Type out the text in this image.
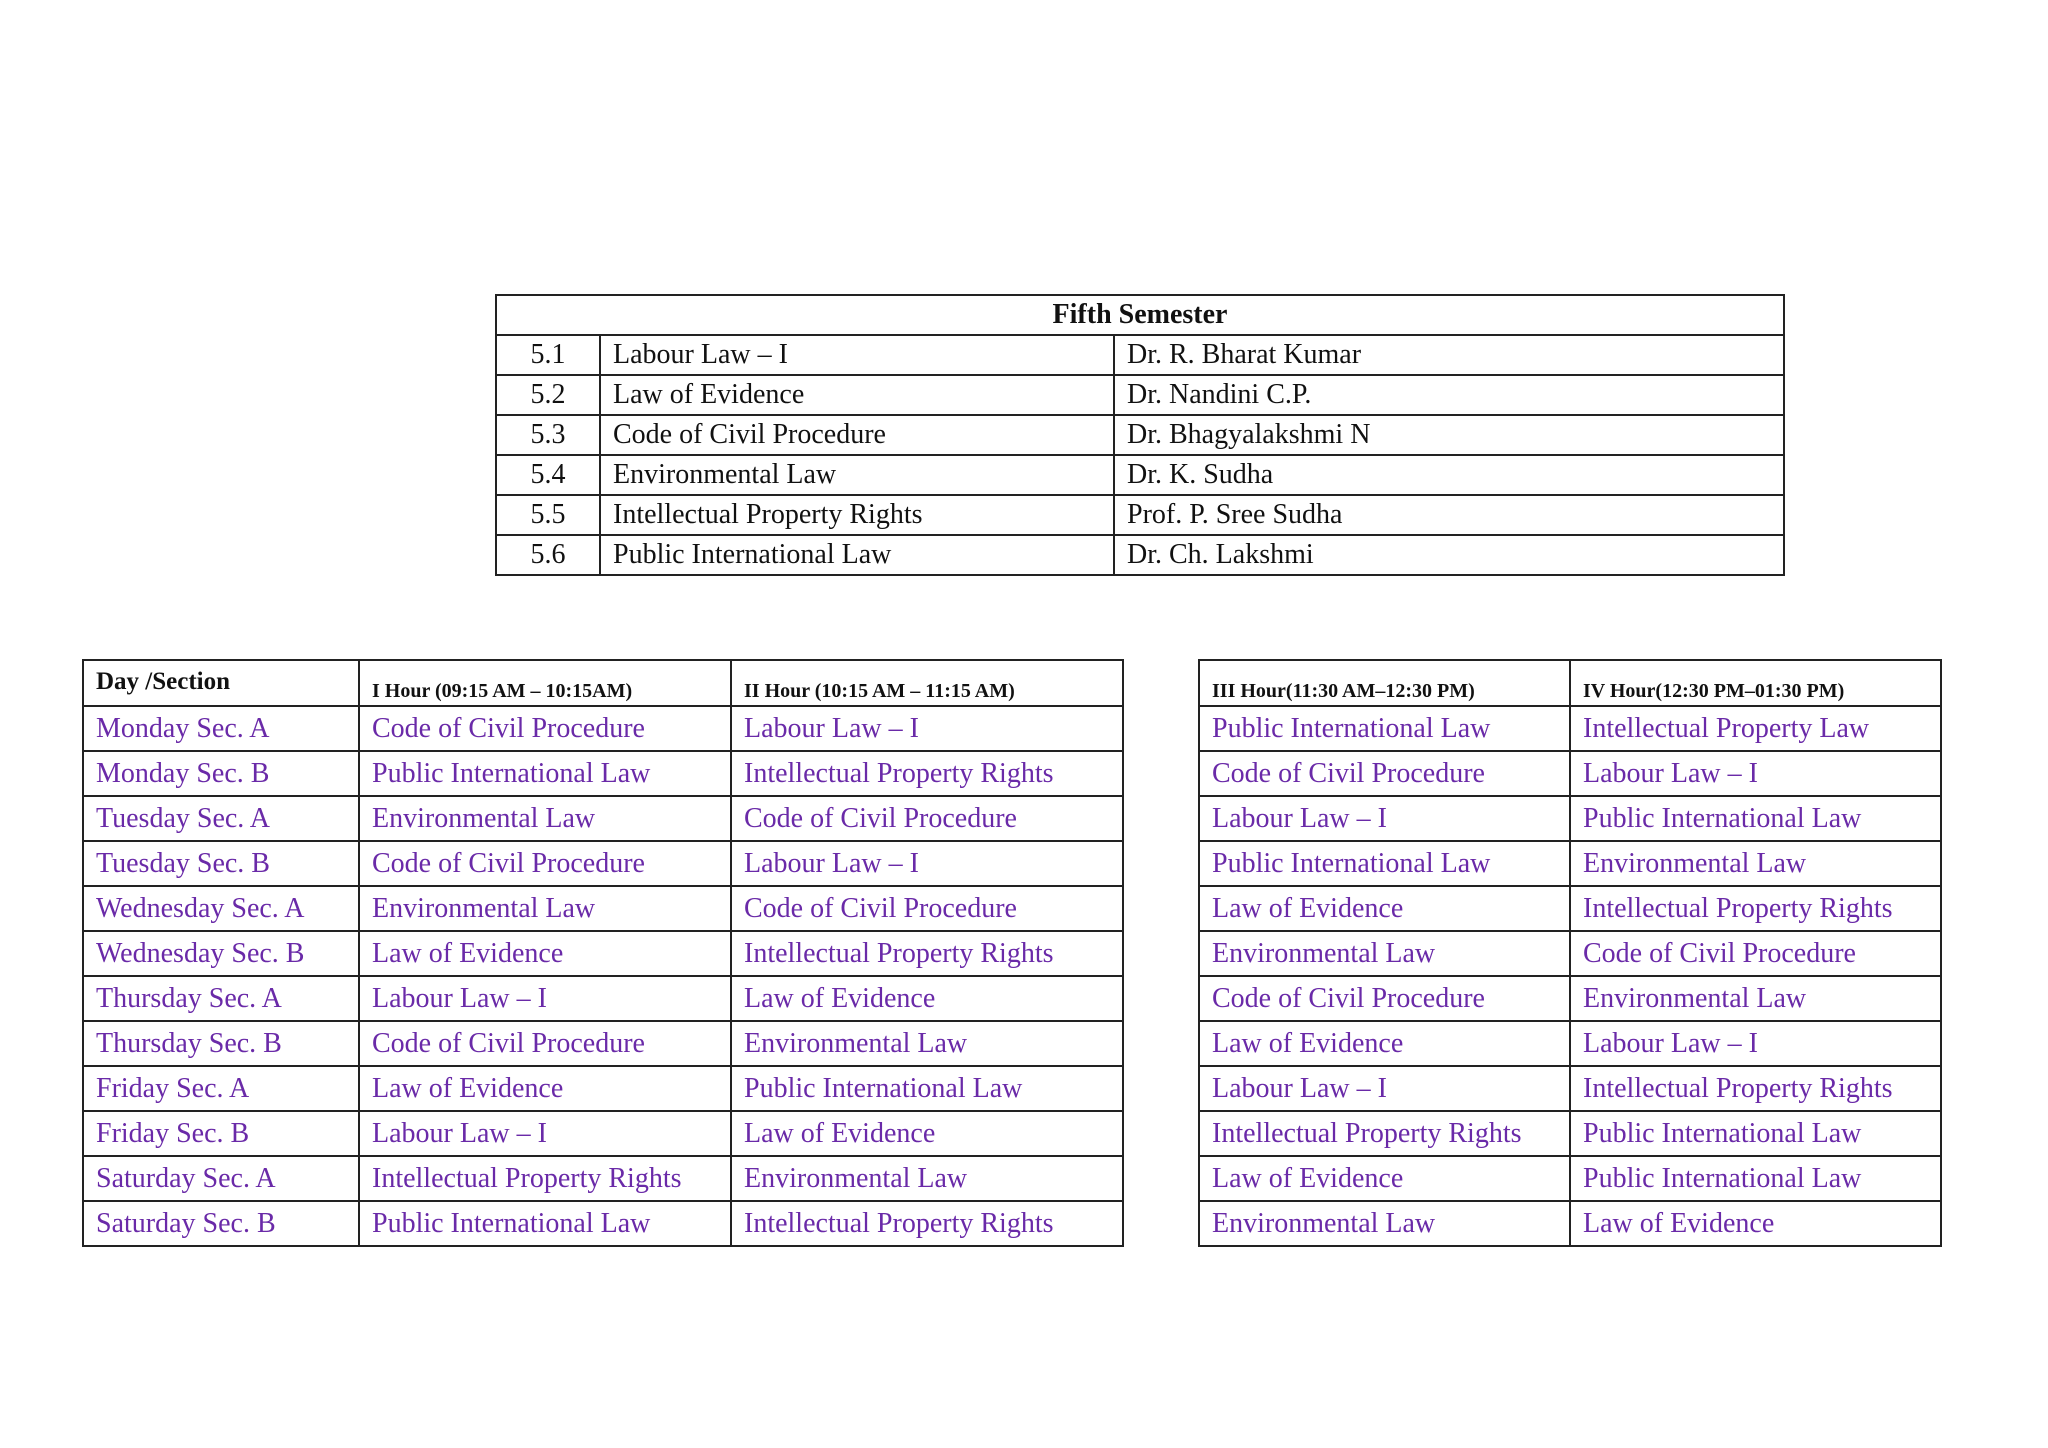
Fifth Semester		
5.1	Labour Law – I	Dr. R. Bharat Kumar
5.2	Law of Evidence	Dr. Nandini C.P.
5.3	Code of Civil Procedure	Dr. Bhagyalakshmi N
5.4	Environmental Law	Dr. K. Sudha
5.5	Intellectual Property Rights	Prof. P. Sree Sudha
5.6	Public International Law	Dr. Ch. Lakshmi
Day /Section	I Hour (09:15 AM – 10:15AM)	II Hour (10:15 AM – 11:15 AM)
Monday Sec. A	Code of Civil Procedure	Labour Law – I
Monday Sec. B	Public International Law	Intellectual Property Rights
Tuesday Sec. A	Environmental Law	Code of Civil Procedure
Tuesday Sec. B	Code of Civil Procedure	Labour Law – I
Wednesday Sec. A	Environmental Law	Code of Civil Procedure
Wednesday Sec. B	Law of Evidence	Intellectual Property Rights
Thursday Sec. A	Labour Law – I	Law of Evidence
Thursday Sec. B	Code of Civil Procedure	Environmental Law
Friday Sec. A	Law of Evidence	Public International Law
Friday Sec. B	Labour Law – I	Law of Evidence
Saturday Sec. A	Intellectual Property Rights	Environmental Law
Saturday Sec. B	Public International Law	Intellectual Property Rights
III Hour(11:30 AM–12:30 PM)	IV Hour(12:30 PM–01:30 PM)
Public International Law	Intellectual Property Law
Code of Civil Procedure	Labour Law – I
Labour Law – I	Public International Law
Public International Law	Environmental Law
Law of Evidence	Intellectual Property Rights
Environmental Law	Code of Civil Procedure
Code of Civil Procedure	Environmental Law
Law of Evidence	Labour Law – I
Labour Law – I	Intellectual Property Rights
Intellectual Property Rights	Public International Law
Law of Evidence	Public International Law
Environmental Law	Law of Evidence
